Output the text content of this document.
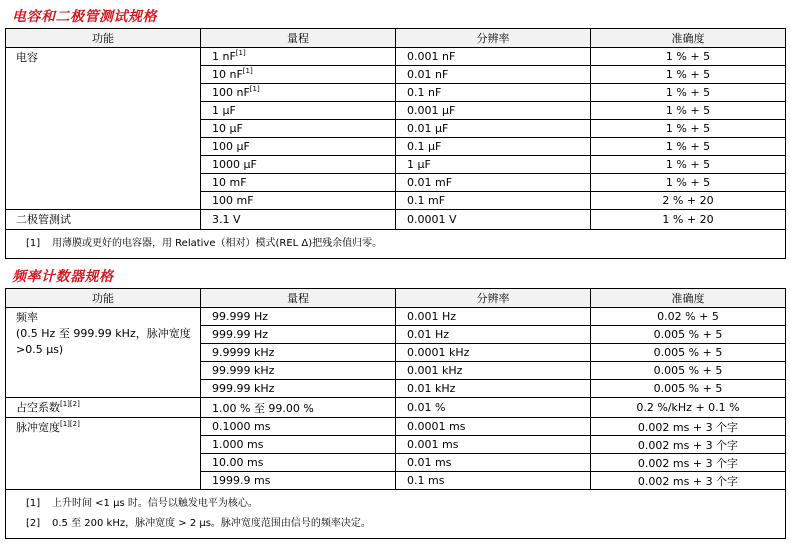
电容和二极管测试规格
功能	量程	分辨率	准确度
电容	1 nF[1]	0.001 nF	1 % + 5
	10 nF[1]	0.01 nF	1 % + 5
	100 nF[1]	0.1 nF	1 % + 5
	1 µF	0.001 µF	1 % + 5
	10 µF	0.01 µF	1 % + 5
	100 µF	0.1 µF	1 % + 5
	1000 µF	1 µF	1 % + 5
	10 mF	0.01 mF	1 % + 5
	100 mF	0.1 mF	2 % + 20
二极管测试	3.1 V	0.0001 V	1 % + 20

[1] 用薄膜或更好的电容器，用 Relative（相对）模式(REL Δ)把残余值归零。			
频率计数器规格
功能	量程	分辨率	准确度
频率
(0.5 Hz 至 999.99 kHz，脉冲宽度 >0.5 µs)	99.999 Hz	0.001 Hz	0.02 % + 5
	999.99 Hz	0.01 Hz	0.005 % + 5
	9.9999 kHz	0.0001 kHz	0.005 % + 5
	99.999 kHz	0.001 kHz	0.005 % + 5
	999.99 kHz	0.01 kHz	0.005 % + 5
占空系数[1][2]	1.00 % 至 99.00 %	0.01 %	0.2 %/kHz + 0.1 %
脉冲宽度[1][2]	0.1000 ms	0.0001 ms	0.002 ms + 3 个字
	1.000 ms	0.001 ms	0.002 ms + 3 个字
	10.00 ms	0.01 ms	0.002 ms + 3 个字
	1999.9 ms	0.1 ms	0.002 ms + 3 个字

[1] 上升时间 <1 µs 时。信号以触发电平为核心。
[2] 0.5 至 200 kHz，脉冲宽度 > 2 µs。脉冲宽度范围由信号的频率决定。			
